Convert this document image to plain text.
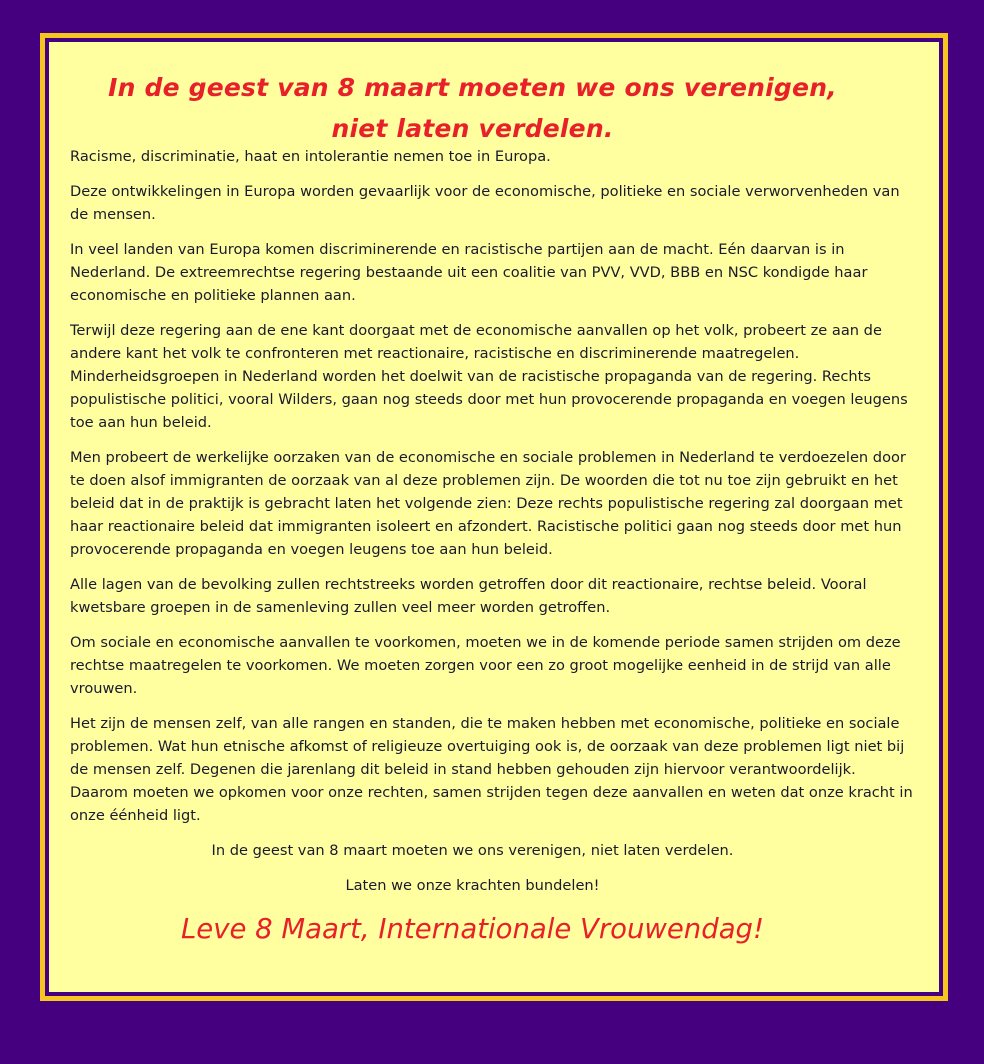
In de geest van 8 maart moeten we ons verenigen,
niet laten verdelen.

Racisme, discriminatie, haat en intolerantie nemen toe in Europa.

Deze ontwikkelingen in Europa worden gevaarlijk voor de economische, politieke en sociale verworvenheden van de mensen.

In veel landen van Europa komen discriminerende en racistische partijen aan de macht. Eén daarvan is in Nederland. De extreemrechtse regering bestaande uit een coalitie van PVV, VVD, BBB en NSC kondigde haar economische en politieke plannen aan.

Terwijl deze regering aan de ene kant doorgaat met de economische aanvallen op het volk, probeert ze aan de andere kant het volk te confronteren met reactionaire, racistische en discriminerende maatregelen. Minderheidsgroepen in Nederland worden het doelwit van de racistische propaganda van de regering. Rechts populistische politici, vooral Wilders, gaan nog steeds door met hun provocerende propaganda en voegen leugens toe aan hun beleid.

Men probeert de werkelijke oorzaken van de economische en sociale problemen in Nederland te verdoezelen door te doen alsof immigranten de oorzaak van al deze problemen zijn. De woorden die tot nu toe zijn gebruikt en het beleid dat in de praktijk is gebracht laten het volgende zien: Deze rechts populistische regering zal doorgaan met haar reactionaire beleid dat immigranten isoleert en afzondert. Racistische politici gaan nog steeds door met hun provocerende propaganda en voegen leugens toe aan hun beleid.

Alle lagen van de bevolking zullen rechtstreeks worden getroffen door dit reactionaire, rechtse beleid. Vooral kwetsbare groepen in de samenleving zullen veel meer worden getroffen.

Om sociale en economische aanvallen te voorkomen, moeten we in de komende periode samen strijden om deze rechtse maatregelen te voorkomen. We moeten zorgen voor een zo groot mogelijke eenheid in de strijd van alle vrouwen.

Het zijn de mensen zelf, van alle rangen en standen, die te maken hebben met economische, politieke en sociale problemen. Wat hun etnische afkomst of religieuze overtuiging ook is, de oorzaak van deze problemen ligt niet bij de mensen zelf. Degenen die jarenlang dit beleid in stand hebben gehouden zijn hiervoor verantwoordelijk. Daarom moeten we opkomen voor onze rechten, samen strijden tegen deze aanvallen en weten dat onze kracht in onze éénheid ligt.

In de geest van 8 maart moeten we ons verenigen, niet laten verdelen.

Laten we onze krachten bundelen!

Leve 8 Maart, Internationale Vrouwendag!
